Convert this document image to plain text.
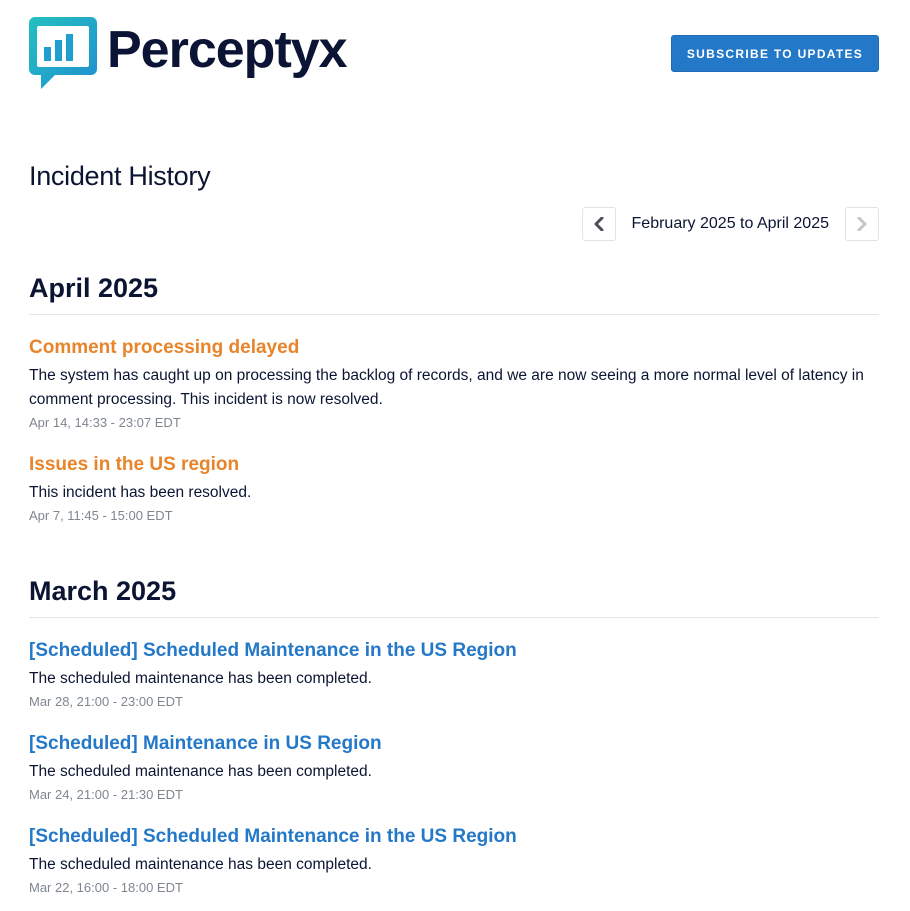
Perceptyx	SUBSCRIBE TO UPDATES
Incident History
February 2025 to April 2025
April 2025
Comment processing delayed
The system has caught up on processing the backlog of records, and we are now seeing a more normal level of latency in comment processing. This incident is now resolved.
Apr 14, 14:33 - 23:07 EDT
Issues in the US region
This incident has been resolved.
Apr 7, 11:45 - 15:00 EDT
March 2025
[Scheduled] Scheduled Maintenance in the US Region
The scheduled maintenance has been completed.
Mar 28, 21:00 - 23:00 EDT
[Scheduled] Maintenance in US Region
The scheduled maintenance has been completed.
Mar 24, 21:00 - 21:30 EDT
[Scheduled] Scheduled Maintenance in the US Region
The scheduled maintenance has been completed.
Mar 22, 16:00 - 18:00 EDT
